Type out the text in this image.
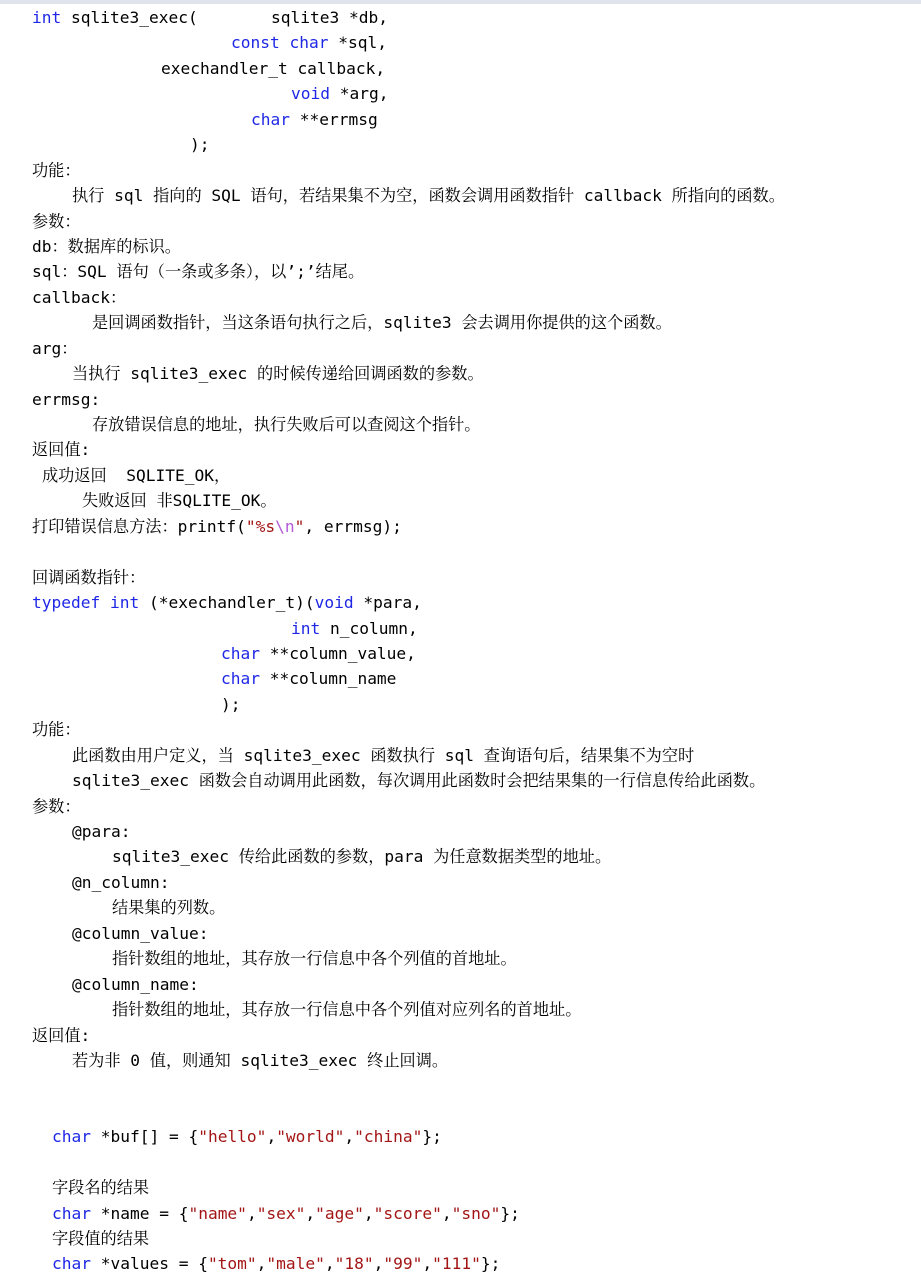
int sqlite3_exec(	sqlite3 *db,
const char *sql,
exechandler_t callback,
void *arg,
char **errmsg
);
功能：
执行 sql 指向的 SQL 语句，若结果集不为空，函数会调用函数指针 callback 所指向的函数。
参数：
db：数据库的标识。
sql：SQL 语句（一条或多条），以’;’结尾。
callback：
是回调函数指针，当这条语句执行之后，sqlite3 会去调用你提供的这个函数。
arg：
当执行 sqlite3_exec 的时候传递给回调函数的参数。
errmsg:
存放错误信息的地址，执行失败后可以查阅这个指针。
返回值:
成功返回  SQLITE_OK，
失败返回 非SQLITE_OK。
打印错误信息方法：printf("%s\n", errmsg);
回调函数指针：
typedef int (*exechandler_t)(void *para,
int n_column,
char **column_value,
char **column_name
);
功能：
此函数由用户定义，当 sqlite3_exec 函数执行 sql 查询语句后，结果集不为空时
sqlite3_exec 函数会自动调用此函数，每次调用此函数时会把结果集的一行信息传给此函数。
参数：
@para:
sqlite3_exec 传给此函数的参数，para 为任意数据类型的地址。
@n_column:
结果集的列数。
@column_value:
指针数组的地址，其存放一行信息中各个列值的首地址。
@column_name:
指针数组的地址，其存放一行信息中各个列值对应列名的首地址。
返回值:
若为非 0 值，则通知 sqlite3_exec 终止回调。
char *buf[] = {"hello","world","china"};
字段名的结果
char *name = {"name","sex","age","score","sno"};
字段值的结果
char *values = {"tom","male","18","99","111"};
